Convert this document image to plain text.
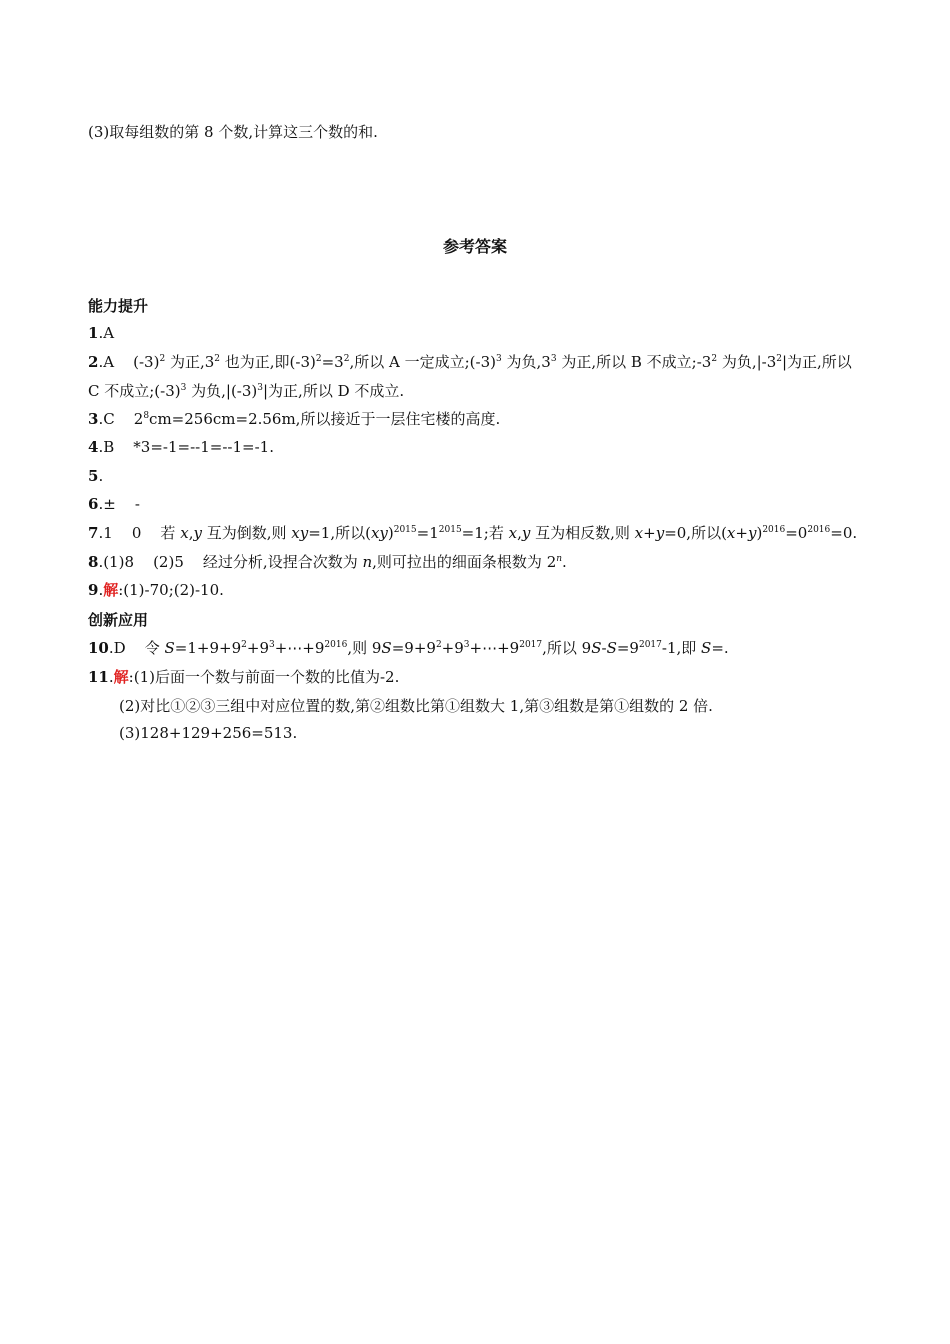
(3)取每组数的第 8 个数,计算这三个数的和.
参考答案
能力提升
1.A
2.A $(-3)^2$ 为正$,3^2$ 也为正,即$(-3)^2=3^2$,所以 A 一定成立$;(-3)^3$ 为负$,3^3$ 为正,所以 B 不成立$;-3^2$ 为负$,|-3^2|$为正,所以
C 不成立$;(-3)^3$ 为负$,|(-3)^3|$为正,所以 D 不成立.
3.C    $2^8cm=256cm=2.56m$,所以接近于一层住宅楼的高度.
4.B    *3=-1=--1=--1=-1.
5.
6.±    -
7.1    0    若 x,y 互为倒数,则 xy=1,所以$(xy)^{2015}=1^{2015}=1$;若 x,y 互为相反数,则 x+y=0,所以$(x+y)^{2016}=0^{2016}=0$.
8.(1)8    (2)5    经过分析,设捏合次数为 n,则可拉出的细面条根数为 2$^n$.
9.解:(1)-70;(2)-10.
创新应用
10.D    令 $S=1+9+9^2+9^3+\cdots+9^{2016}$,则 $9S=9+9^2+9^3+\cdots+9^{2017}$,所以 $9S-S=9^{2017}-1$,即 S=.
11.解:(1)后面一个数与前面一个数的比值为-2.
(2)对比①②③三组中对应位置的数,第②组数比第①组数大 1,第③组数是第①组数的 2 倍.
(3)128+129+256=513.
